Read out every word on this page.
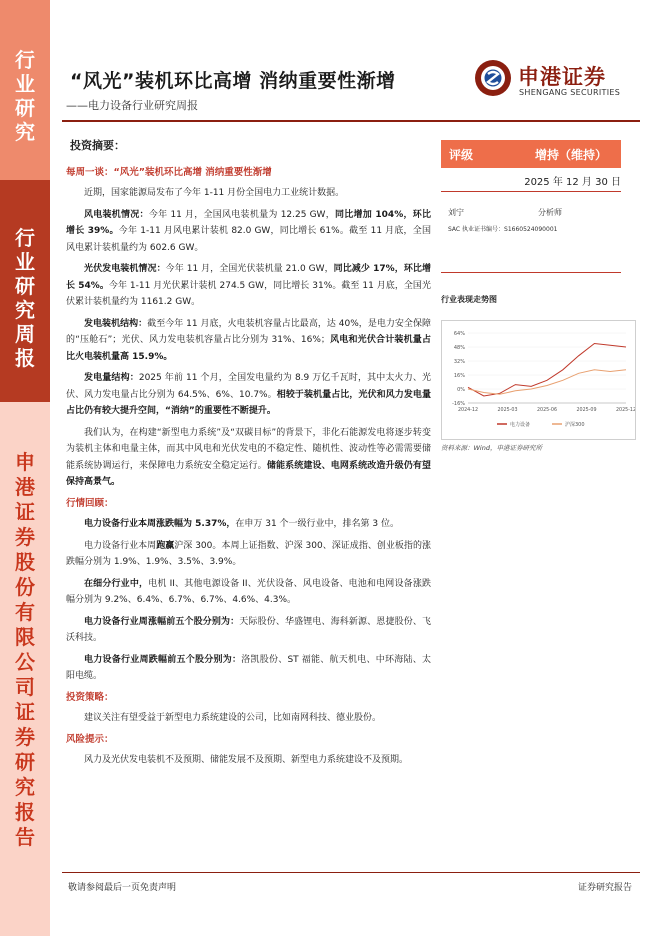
行
业
研
究
行
业
研
究
周
报
申
港
证
券
股
份
有
限
公
司
证
券
研
究
报
告
“风光”装机环比高增 消纳重要性渐增
——电力设备行业研究周报
申港证券
SHENGANG SECURITIES
评级	增持（维持）
2025 年 12 月 30 日
刘宁	分析师
SAC 执业证书编号：S1660524090001
行业表现走势图
64%
48%
32%
16%
0%
-16%
2024-12	2025-03	2025-06	2025-09	2025-12
电力设备	沪深300
资料来源：Wind，申港证券研究所

投资摘要：

每周一谈：“风光”装机环比高增 消纳重要性渐增

近期，国家能源局发布了今年 1-11 月份全国电力工业统计数据。

风电装机情况：今年 11 月，全国风电装机量为 12.25 GW，同比增加 104%，环比增长 39%。今年 1-11 月风电累计装机 82.0 GW，同比增长 61%。截至 11 月底，全国风电累计装机量约为 602.6 GW。

光伏发电装机情况：今年 11 月，全国光伏装机量 21.0 GW，同比减少 17%，环比增长 54%。今年 1-11 月光伏累计装机 274.5 GW，同比增长 31%。截至 11 月底，全国光伏累计装机量约为 1161.2 GW。

发电装机结构：截至今年 11 月底，火电装机容量占比最高，达 40%，是电力安全保障的“压舱石”；光伏、风力发电装机容量占比分别为 31%、16%；风电和光伏合计装机量占比火电装机量高 15.9%。

发电量结构：2025 年前 11 个月，全国发电量约为 8.9 万亿千瓦时，其中太火力、光伏、风力发电量占比分别为 64.5%、6%、10.7%。相较于装机量占比，光伏和风力发电量占比仍有较大提升空间，“消纳”的重要性不断提升。

我们认为，在构建“新型电力系统”及“双碳目标”的背景下，非化石能源发电将逐步转变为装机主体和电量主体，而其中风电和光伏发电的不稳定性、随机性、波动性等必需需要储能系统协调运行，来保障电力系统安全稳定运行。储能系统建设、电网系统改造升级仍有望保持高景气。

行情回顾：

电力设备行业本周涨跌幅为 5.37%，在申万 31 个一级行业中，排名第 3 位。

电力设备行业本周跑赢沪深 300。本周上证指数、沪深 300、深证成指、创业板指的涨跌幅分别为 1.9%、1.9%、3.5%、3.9%。

在细分行业中，电机 II、其他电源设备 II、光伏设备、风电设备、电池和电网设备涨跌幅分别为 9.2%、6.4%、6.7%、6.7%、4.6%、4.3%。

电力设备行业周涨幅前五个股分别为：天际股份、华盛锂电、海科新源、恩捷股份、飞沃科技。

电力设备行业周跌幅前五个股分别为：洛凯股份、ST 福能、航天机电、中环海陆、太阳电缆。

投资策略：

建议关注有望受益于新型电力系统建设的公司，比如南网科技、德业股份。

风险提示：

风力及光伏发电装机不及预期、储能发展不及预期、新型电力系统建设不及预期。

敬请参阅最后一页免责声明	证券研究报告
